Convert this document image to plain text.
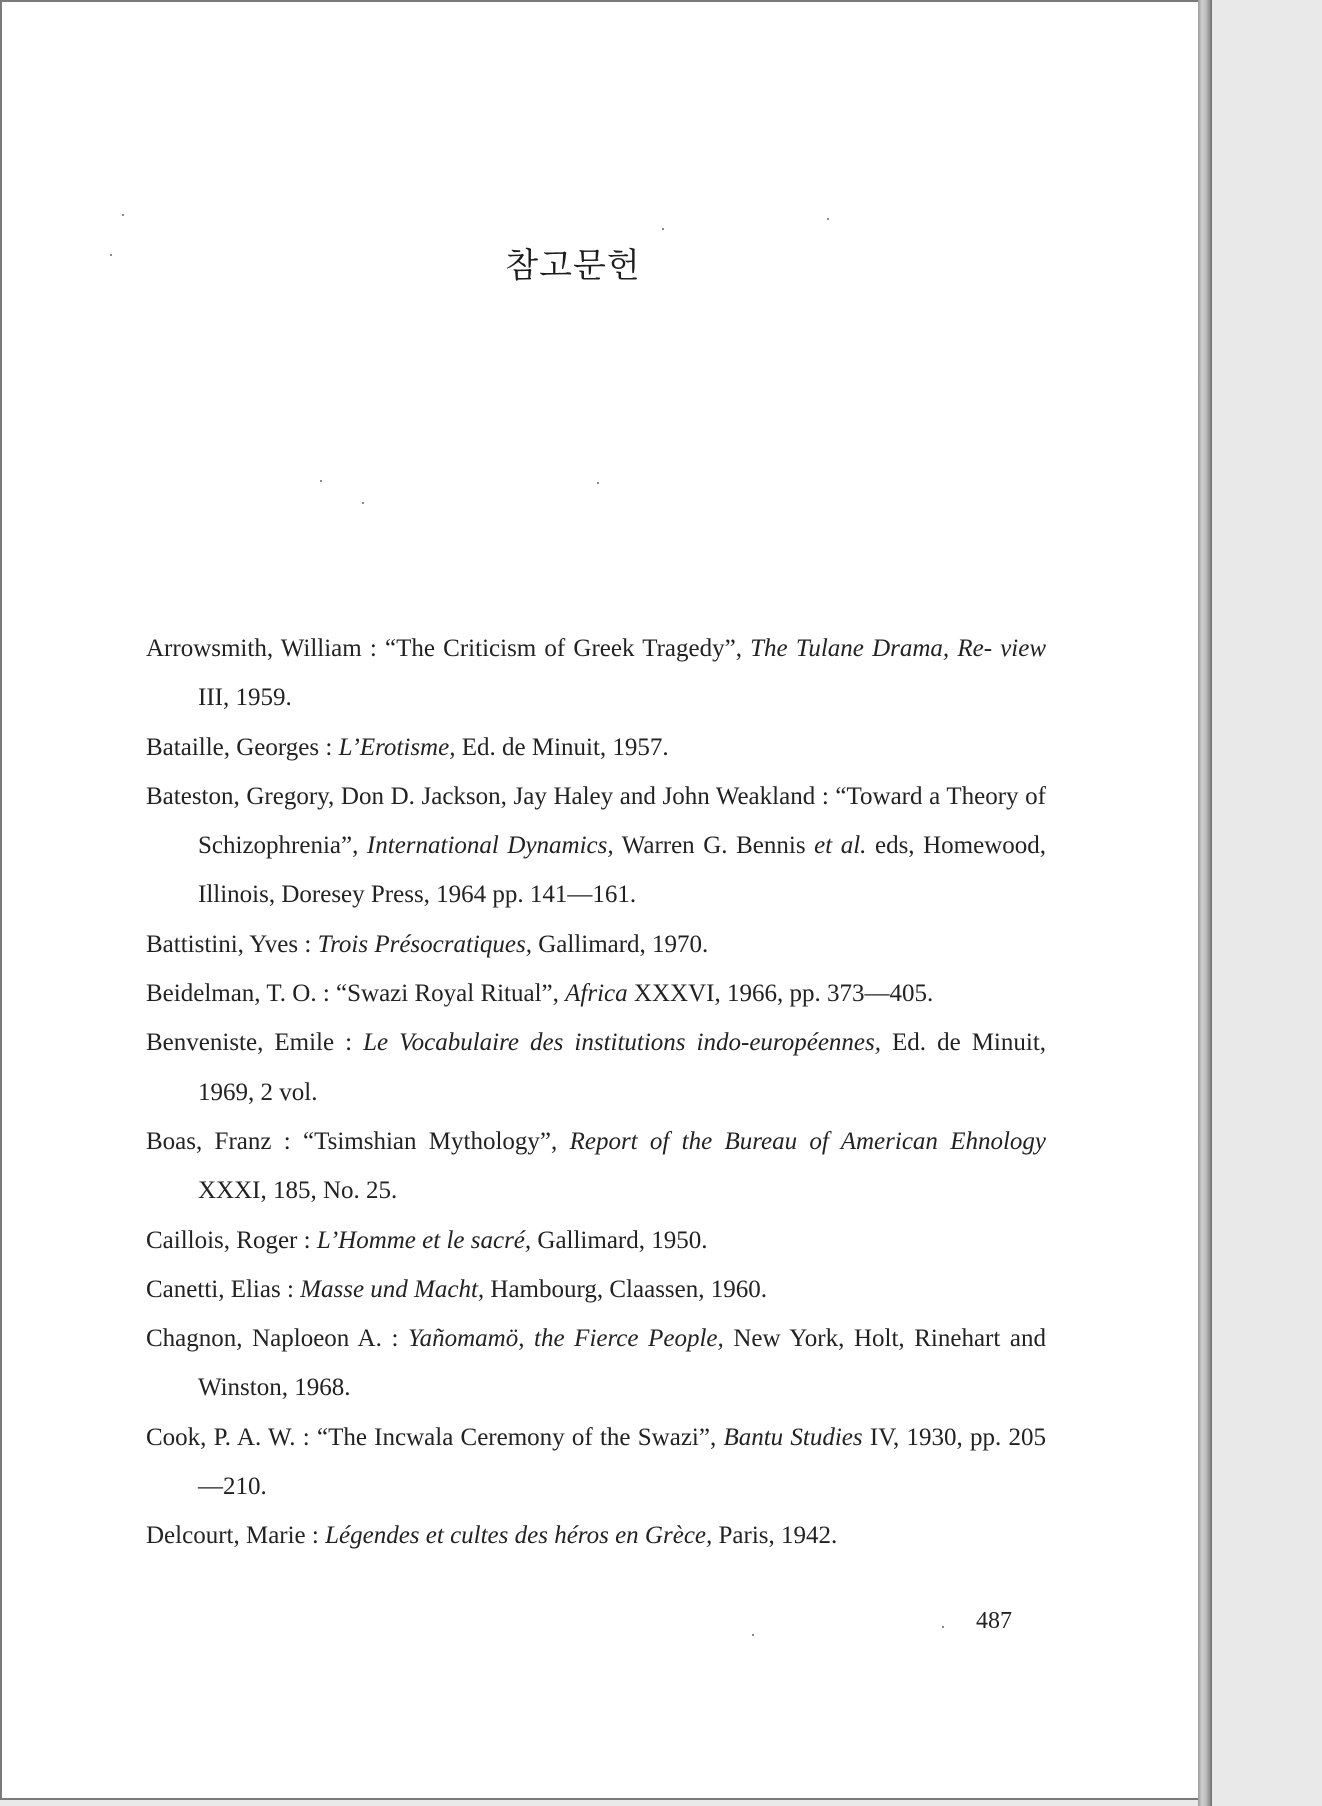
참고문헌
Arrowsmith, William : “The Criticism of Greek Tragedy”, The Tulane Drama, Re- view III, 1959.
Bataille, Georges : L’Erotisme, Ed. de Minuit, 1957.
Bateston, Gregory, Don D. Jackson, Jay Haley and John Weakland : “Toward a Theory of Schizophrenia”, International Dynamics, Warren G. Bennis et al. eds, Homewood, Illinois, Doresey Press, 1964 pp. 141—161.
Battistini, Yves : Trois Présocratiques, Gallimard, 1970.
Beidelman, T. O. : “Swazi Royal Ritual”, Africa XXXVI, 1966, pp. 373—405.
Benveniste, Emile : Le Vocabulaire des institutions indo-européennes, Ed. de Minuit, 1969, 2 vol.
Boas, Franz : “Tsimshian Mythology”, Report of the Bureau of American Ehnology XXXI, 185, No. 25.
Caillois, Roger : L’Homme et le sacré, Gallimard, 1950.
Canetti, Elias : Masse und Macht, Hambourg, Claassen, 1960.
Chagnon, Naploeon A. : Yañomamö, the Fierce People, New York, Holt, Rinehart and Winston, 1968.
Cook, P. A. W. : “The Incwala Ceremony of the Swazi”, Bantu Studies IV, 1930, pp. 205—210.
Delcourt, Marie : Légendes et cultes des héros en Grèce, Paris, 1942.
487
